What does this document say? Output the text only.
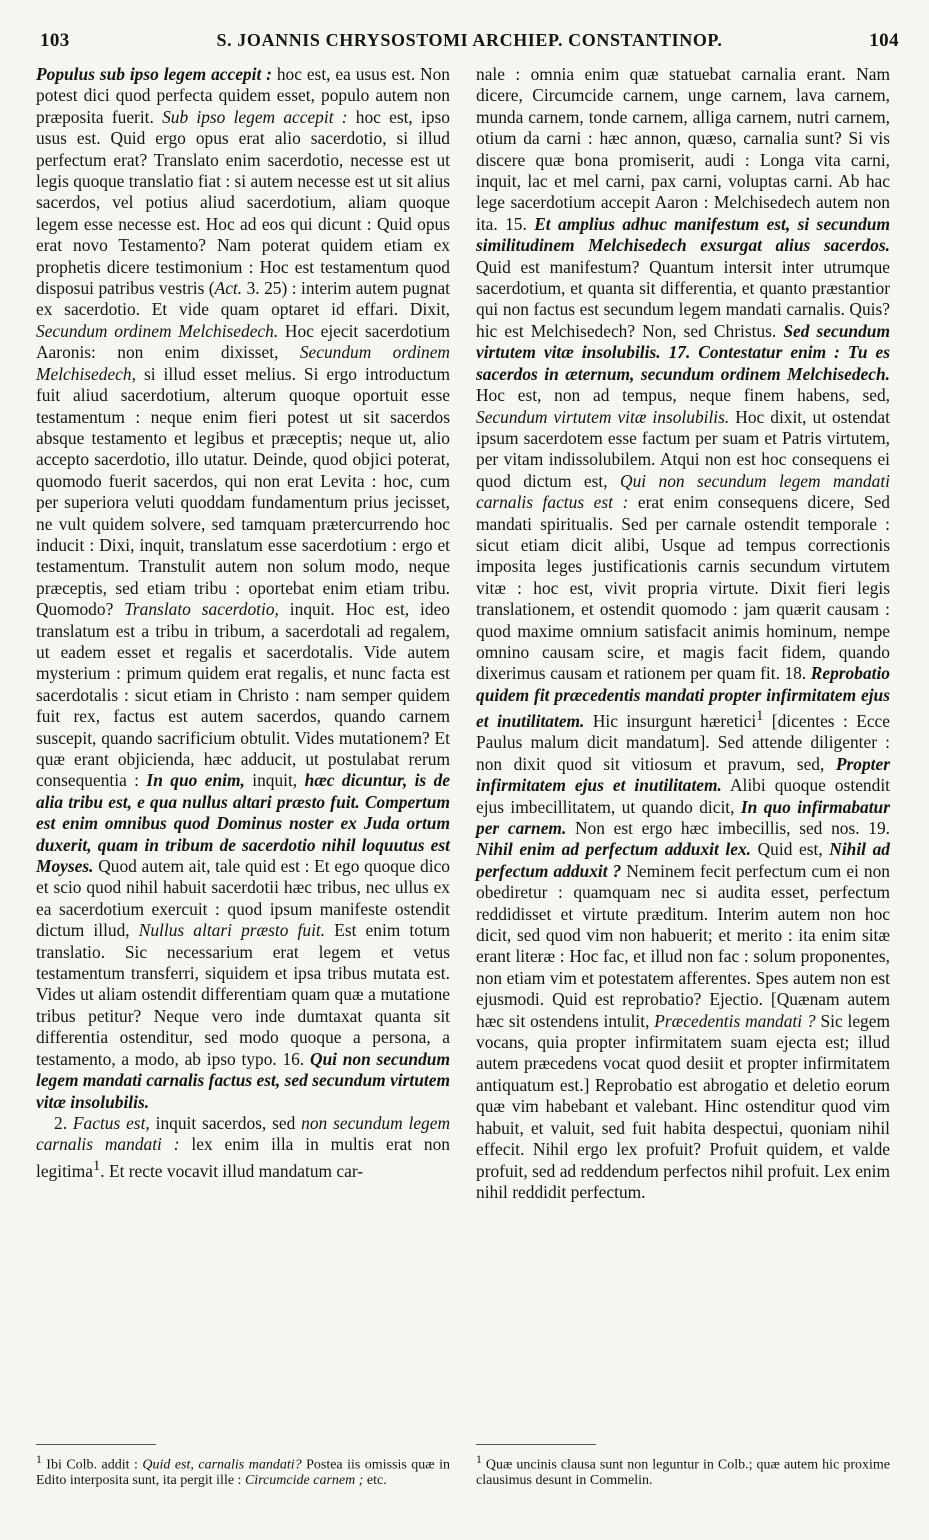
103	S. JOANNIS CHRYSOSTOMI ARCHIEP. CONSTANTINOP.	104

Populus sub ipso legem accepit : hoc est, ea usus est. Non potest dici quod perfecta quidem esset, populo autem non præposita fuerit. Sub ipso legem accepit : hoc est, ipso usus est. Quid ergo opus erat alio sacerdotio, si illud perfectum erat? Translato enim sacerdotio, necesse est ut legis quoque translatio fiat : si autem necesse est ut sit alius sacerdos, vel potius aliud sacerdotium, aliam quoque legem esse necesse est. Hoc ad eos qui dicunt : Quid opus erat novo Testamento? Nam poterat quidem etiam ex prophetis dicere testimonium : Hoc est testamentum quod disposui patribus vestris (Act. 3. 25) : interim autem pugnat ex sacerdotio. Et vide quam optaret id effari. Dixit, Secundum ordinem Melchisedech. Hoc ejecit sacerdotium Aaronis: non enim dixisset, Secundum ordinem Melchisedech, si illud esset melius. Si ergo introductum fuit aliud sacerdotium, alterum quoque oportuit esse testamentum : neque enim fieri potest ut sit sacerdos absque testamento et legibus et præceptis; neque ut, alio accepto sacerdotio, illo utatur. Deinde, quod objici poterat, quomodo fuerit sacerdos, qui non erat Levita : hoc, cum per superiora veluti quoddam fundamentum prius jecisset, ne vult quidem solvere, sed tamquam prætercurrendo hoc inducit : Dixi, inquit, translatum esse sacerdotium : ergo et testamentum. Transtulit autem non solum modo, neque præceptis, sed etiam tribu : oportebat enim etiam tribu. Quomodo? Translato sacerdotio, inquit. Hoc est, ideo translatum est a tribu in tribum, a sacerdotali ad regalem, ut eadem esset et regalis et sacerdotalis. Vide autem mysterium : primum quidem erat regalis, et nunc facta est sacerdotalis : sicut etiam in Christo : nam semper quidem fuit rex, factus est autem sacerdos, quando carnem suscepit, quando sacrificium obtulit. Vides mutationem? Et quæ erant objicienda, hæc adducit, ut postulabat rerum consequentia : In quo enim, inquit, hæc dicuntur, is de alia tribu est, e qua nullus altari præsto fuit. Compertum est enim omnibus quod Dominus noster ex Juda ortum duxerit, quam in tribum de sacerdotio nihil loquutus est Moyses. Quod autem ait, tale quid est : Et ego quoque dico et scio quod nihil habuit sacerdotii hæc tribus, nec ullus ex ea sacerdotium exercuit : quod ipsum manifeste ostendit dictum illud, Nullus altari præsto fuit. Est enim totum translatio. Sic necessarium erat legem et vetus testamentum transferri, siquidem et ipsa tribus mutata est. Vides ut aliam ostendit differentiam quam quæ a mutatione tribus petitur? Neque vero inde dumtaxat quanta sit differentia ostenditur, sed modo quoque a persona, a testamento, a modo, ab ipso typo. 16. Qui non secundum legem mandati carnalis factus est, sed secundum virtutem vitæ insolubilis.

2. Factus est, inquit sacerdos, sed non secundum legem carnalis mandati : lex enim illa in multis erat non legitima$^1$. Et recte vocavit illud mandatum car-

nale : omnia enim quæ statuebat carnalia erant. Nam dicere, Circumcide carnem, unge carnem, lava carnem, munda carnem, tonde carnem, alliga carnem, nutri carnem, otium da carni : hæc annon, quæso, carnalia sunt? Si vis discere quæ bona promiserit, audi : Longa vita carni, inquit, lac et mel carni, pax carni, voluptas carni. Ab hac lege sacerdotium accepit Aaron : Melchisedech autem non ita. 15. Et amplius adhuc manifestum est, si secundum similitudinem Melchisedech exsurgat alius sacerdos. Quid est manifestum? Quantum intersit inter utrumque sacerdotium, et quanta sit differentia, et quanto præstantior qui non factus est secundum legem mandati carnalis. Quis? hic est Melchisedech? Non, sed Christus. Sed secundum virtutem vitæ insolubilis. 17. Contestatur enim : Tu es sacerdos in æternum, secundum ordinem Melchisedech. Hoc est, non ad tempus, neque finem habens, sed, Secundum virtutem vitæ insolubilis. Hoc dixit, ut ostendat ipsum sacerdotem esse factum per suam et Patris virtutem, per vitam indissolubilem. Atqui non est hoc consequens ei quod dictum est, Qui non secundum legem mandati carnalis factus est : erat enim consequens dicere, Sed mandati spiritualis. Sed per carnale ostendit temporale : sicut etiam dicit alibi, Usque ad tempus correctionis imposita leges justificationis carnis secundum virtutem vitæ : hoc est, vivit propria virtute. Dixit fieri legis translationem, et ostendit quomodo : jam quærit causam : quod maxime omnium satisfacit animis hominum, nempe omnino causam scire, et magis facit fidem, quando dixerimus causam et rationem per quam fit. 18. Reprobatio quidem fit præcedentis mandati propter infirmitatem ejus et inutilitatem. Hic insurgunt hæretici$^1$ [dicentes : Ecce Paulus malum dicit mandatum]. Sed attende diligenter : non dixit quod sit vitiosum et pravum, sed, Propter infirmitatem ejus et inutilitatem. Alibi quoque ostendit ejus imbecillitatem, ut quando dicit, In quo infirmabatur per carnem. Non est ergo hæc imbecillis, sed nos. 19. Nihil enim ad perfectum adduxit lex. Quid est, Nihil ad perfectum adduxit ? Neminem fecit perfectum cum ei non obediretur : quamquam nec si audita esset, perfectum reddidisset et virtute præditum. Interim autem non hoc dicit, sed quod vim non habuerit; et merito : ita enim sitæ erant literæ : Hoc fac, et illud non fac : solum proponentes, non etiam vim et potestatem afferentes. Spes autem non est ejusmodi. Quid est reprobatio? Ejectio. [Quænam autem hæc sit ostendens intulit, Præcedentis mandati ? Sic legem vocans, quia propter infirmitatem suam ejecta est; illud autem præcedens vocat quod desiit et propter infirmitatem antiquatum est.] Reprobatio est abrogatio et deletio eorum quæ vim habebant et valebant. Hinc ostenditur quod vim habuit, et valuit, sed fuit habita despectui, quoniam nihil effecit. Nihil ergo lex profuit? Profuit quidem, et valde profuit, sed ad reddendum perfectos nihil profuit. Lex enim nihil reddidit perfectum.

$^1$ Ibi Colb. addit : Quid est, carnalis mandati? Postea iis omissis quæ in Edito interposita sunt, ita pergit ille : Circumcide carnem ; etc.
$^1$ Quæ uncinis clausa sunt non leguntur in Colb.; quæ autem hic proxime clausimus desunt in Commelin.
